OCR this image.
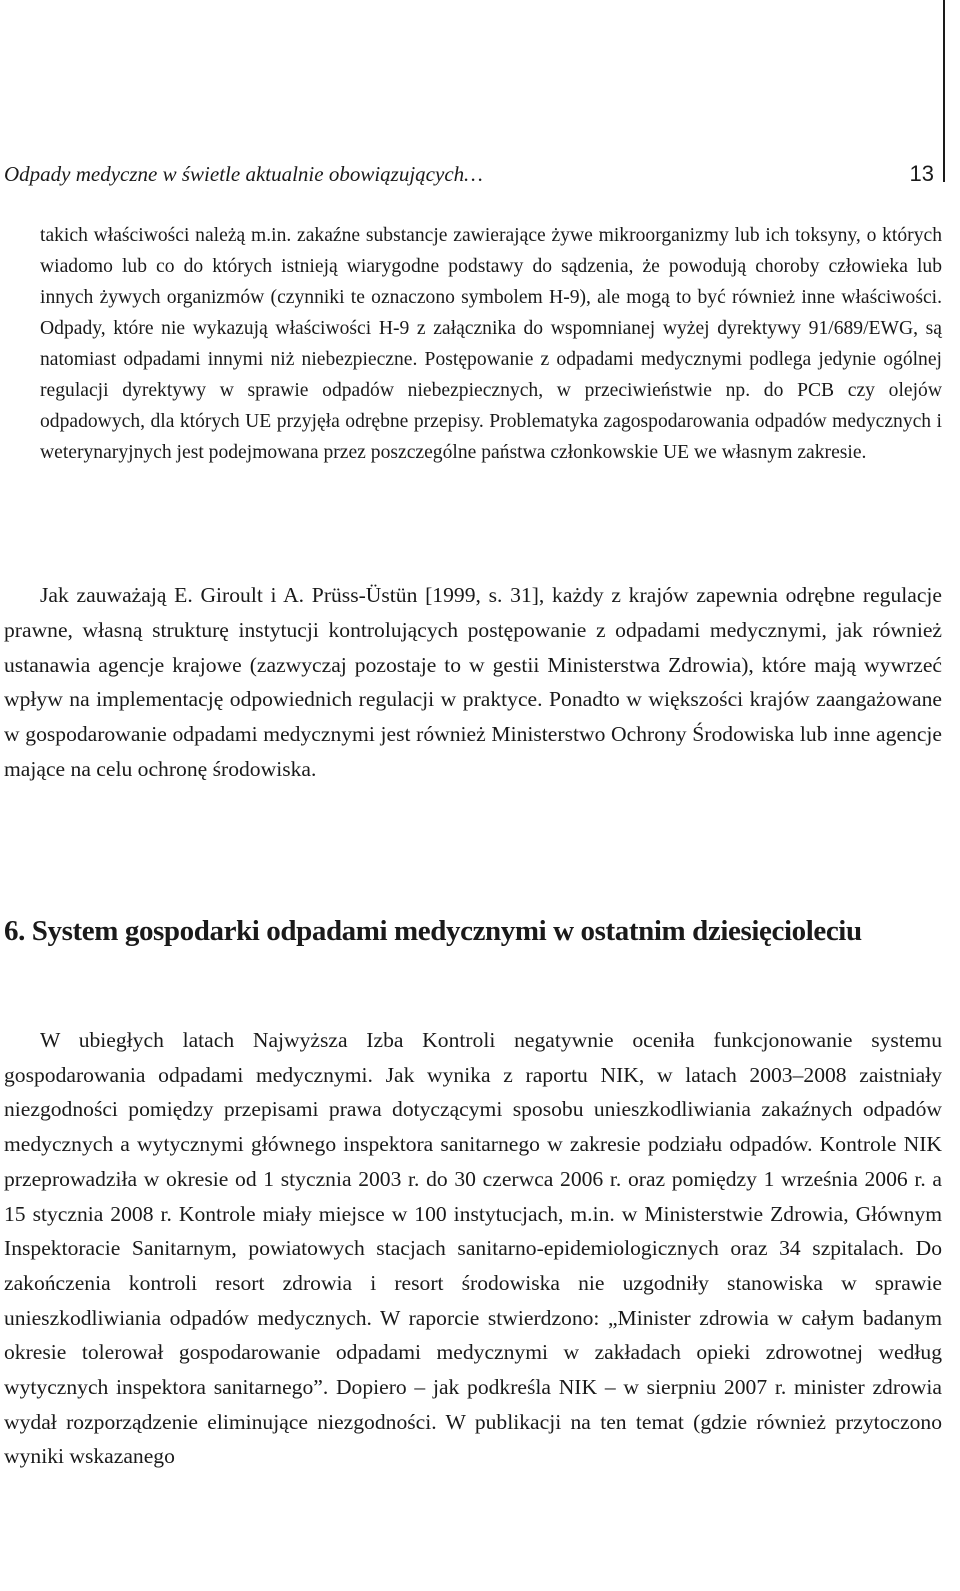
Odpady medyczne w świetle aktualnie obowiązujących…	13

takich właściwości należą m.in. zakaźne substancje zawierające żywe mikroorganizmy lub ich toksyny, o których wiadomo lub co do których istnieją wiarygodne podstawy do sądzenia, że powodują choroby człowieka lub innych żywych organizmów (czynniki te oznaczono symbolem H-9), ale mogą to być również inne właściwości. Odpady, które nie wykazują właściwości H-9 z załącznika do wspomnianej wyżej dyrektywy 91/689/EWG, są natomiast odpadami innymi niż niebezpieczne. Postępowanie z odpadami medycznymi podlega jedynie ogólnej regulacji dyrektywy w sprawie odpadów niebezpiecznych, w przeciwieństwie np. do PCB czy olejów odpadowych, dla których UE przyjęła odrębne przepisy. Problematyka zagospodarowania odpadów medycznych i weterynaryjnych jest podejmowana przez poszczególne państwa członkowskie UE we własnym zakresie.

Jak zauważają E. Giroult i A. Prüss-Üstün [1999, s. 31], każdy z krajów zapewnia odrębne regulacje prawne, własną strukturę instytucji kontrolujących postępowanie z odpadami medycznymi, jak również ustanawia agencje krajowe (zazwyczaj pozostaje to w gestii Ministerstwa Zdrowia), które mają wywrzeć wpływ na implementację odpowiednich regulacji w praktyce. Ponadto w większości krajów zaangażowane w gospodarowanie odpadami medycznymi jest również Ministerstwo Ochrony Środowiska lub inne agencje mające na celu ochronę środowiska.

6. System gospodarki odpadami medycznymi w ostatnim dziesięcioleciu

W ubiegłych latach Najwyższa Izba Kontroli negatywnie oceniła funkcjonowanie systemu gospodarowania odpadami medycznymi. Jak wynika z raportu NIK, w latach 2003–2008 zaistniały niezgodności pomiędzy przepisami prawa dotyczącymi sposobu unieszkodliwiania zakaźnych odpadów medycznych a wytycznymi głównego inspektora sanitarnego w zakresie podziału odpadów. Kontrole NIK przeprowadziła w okresie od 1 stycznia 2003 r. do 30 czerwca 2006 r. oraz pomiędzy 1 września 2006 r. a 15 stycznia 2008 r. Kontrole miały miejsce w 100 instytucjach, m.in. w Ministerstwie Zdrowia, Głównym Inspektoracie Sanitarnym, powiatowych stacjach sanitarno-epidemiologicznych oraz 34 szpitalach. Do zakończenia kontroli resort zdrowia i resort środowiska nie uzgodniły stanowiska w sprawie unieszkodliwiania odpadów medycznych. W raporcie stwierdzono: „Minister zdrowia w całym badanym okresie tolerował gospodarowanie odpadami medycznymi w zakładach opieki zdrowotnej według wytycznych inspektora sanitarnego”. Dopiero – jak podkreśla NIK – w sierpniu 2007 r. minister zdrowia wydał rozporządzenie eliminujące niezgodności. W publikacji na ten temat (gdzie również przytoczono wyniki wskazanego
